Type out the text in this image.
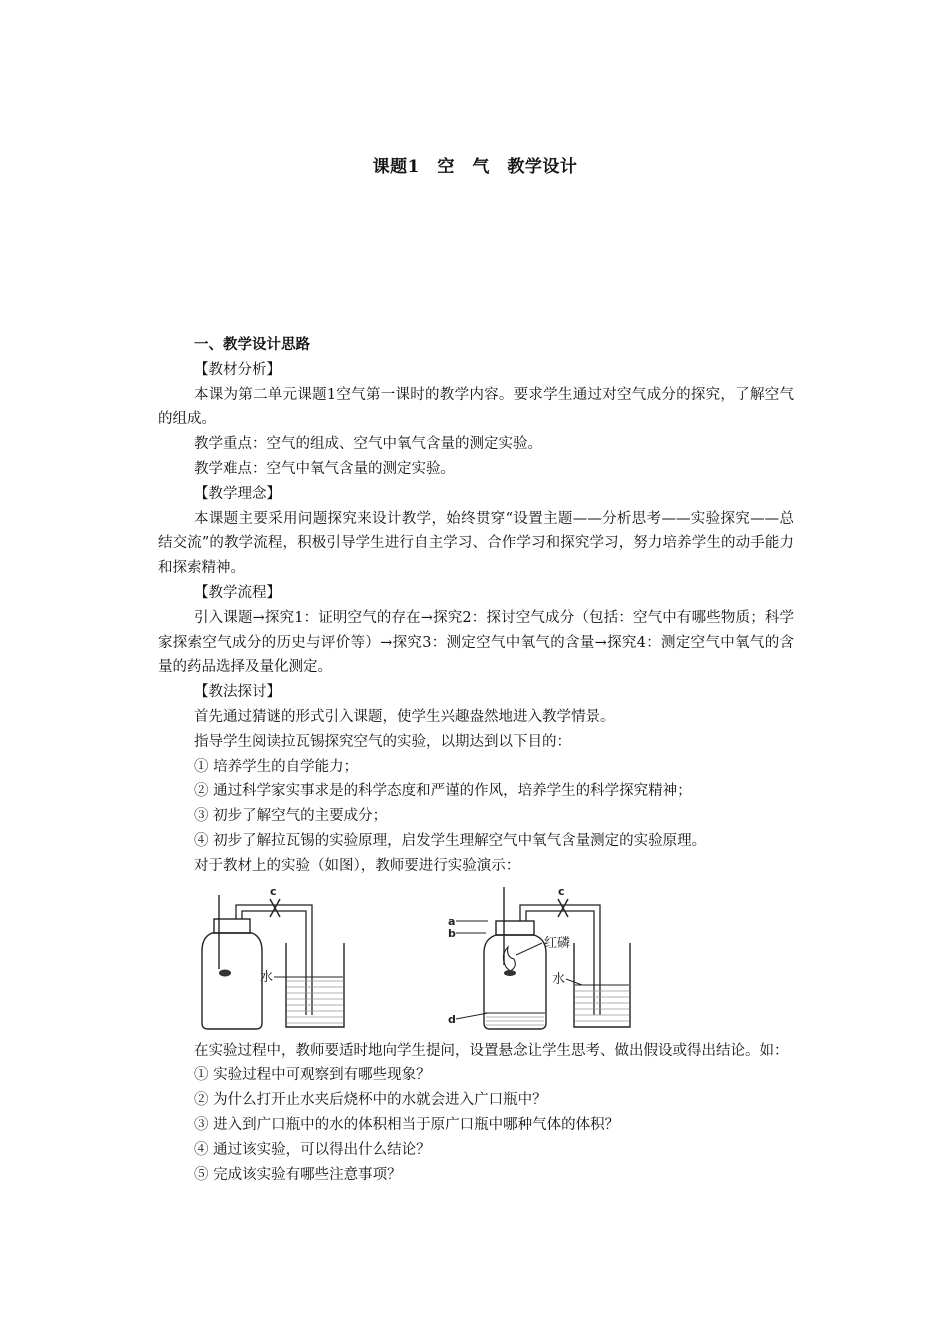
课题1　空　气　教学设计
一、教学设计思路
【教材分析】
本课为第二单元课题1空气第一课时的教学内容。要求学生通过对空气成分的探究，了解空气的组成。
教学重点：空气的组成、空气中氧气含量的测定实验。
教学难点：空气中氧气含量的测定实验。
【教学理念】
本课题主要采用问题探究来设计教学，始终贯穿“设置主题——分析思考——实验探究——总结交流”的教学流程，积极引导学生进行自主学习、合作学习和探究学习，努力培养学生的动手能力和探索精神。
【教学流程】
引入课题→探究1：证明空气的存在→探究2：探讨空气成分（包括：空气中有哪些物质；科学家探索空气成分的历史与评价等）→探究3：测定空气中氧气的含量→探究4：测定空气中氧气的含量的药品选择及量化测定。
【教法探讨】
首先通过猜谜的形式引入课题，使学生兴趣盎然地进入教学情景。
指导学生阅读拉瓦锡探究空气的实验，以期达到以下目的：
① 培养学生的自学能力；
② 通过科学家实事求是的科学态度和严谨的作风，培养学生的科学探究精神；
③ 初步了解空气的主要成分；
④ 初步了解拉瓦锡的实验原理，启发学生理解空气中氧气含量测定的实验原理。
对于教材上的实验（如图），教师要进行实验演示：
c
水
a
b
红磷
d
c
水
在实验过程中，教师要适时地向学生提问，设置悬念让学生思考、做出假设或得出结论。如：
① 实验过程中可观察到有哪些现象？
② 为什么打开止水夹后烧杯中的水就会进入广口瓶中？
③ 进入到广口瓶中的水的体积相当于原广口瓶中哪种气体的体积？
④ 通过该实验，可以得出什么结论？
⑤ 完成该实验有哪些注意事项？
